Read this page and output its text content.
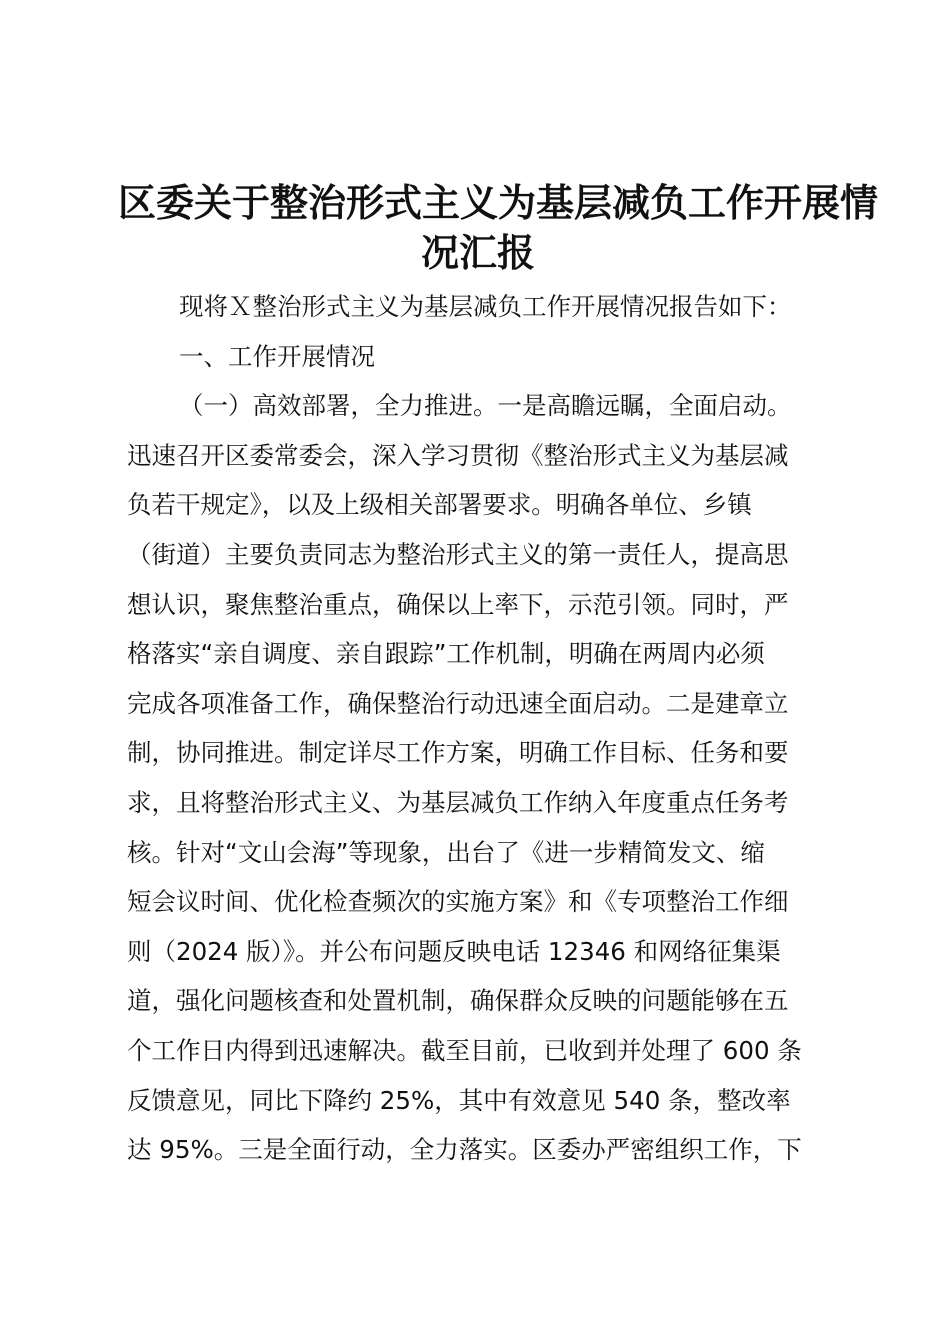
区委关于整治形式主义为基层减负工作开展情
况汇报
现将Ｘ整治形式主义为基层减负工作开展情况报告如下：
一、工作开展情况
（一）高效部署，全力推进。一是高瞻远瞩，全面启动。
迅速召开区委常委会，深入学习贯彻《整治形式主义为基层减
负若干规定》，以及上级相关部署要求。明确各单位、乡镇
（街道）主要负责同志为整治形式主义的第一责任人，提高思
想认识，聚焦整治重点，确保以上率下，示范引领。同时，严
格落实“亲自调度、亲自跟踪”工作机制，明确在两周内必须
完成各项准备工作，确保整治行动迅速全面启动。二是建章立
制，协同推进。制定详尽工作方案，明确工作目标、任务和要
求，且将整治形式主义、为基层减负工作纳入年度重点任务考
核。针对“文山会海”等现象，出台了《进一步精简发文、缩
短会议时间、优化检查频次的实施方案》和《专项整治工作细
则（2024 版）》。并公布问题反映电话 12346 和网络征集渠
道，强化问题核查和处置机制，确保群众反映的问题能够在五
个工作日内得到迅速解决。截至目前，已收到并处理了 600 条
反馈意见，同比下降约 25%，其中有效意见 540 条，整改率
达 95%。三是全面行动，全力落实。区委办严密组织工作，下
